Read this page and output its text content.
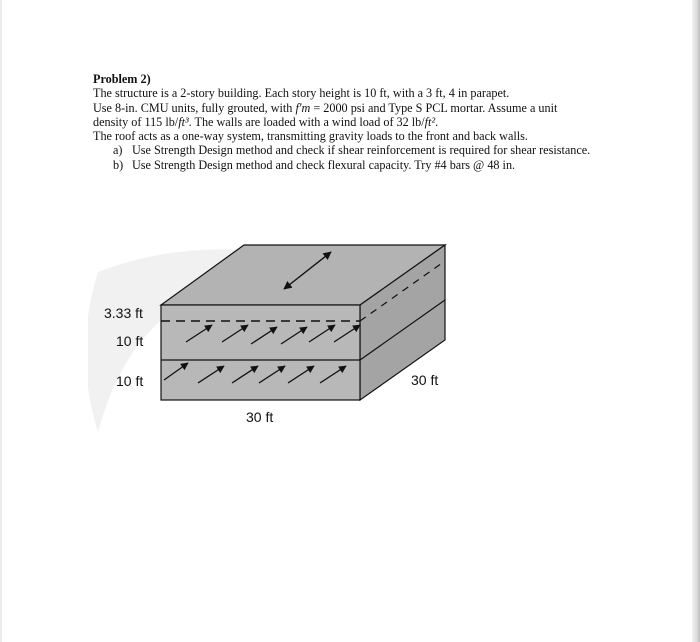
Problem 2)

The structure is a 2-story building. Each story height is 10 ft, with a 3 ft, 4 in parapet.

Use 8-in. CMU units, fully grouted, with f′m = 2000 psi and Type S PCL mortar. Assume a unit

density of 115 lb/ft³. The walls are loaded with a wind load of 32 lb/ft².

The roof acts as a one-way system, transmitting gravity loads to the front and back walls.

a) Use Strength Design method and check if shear reinforcement is required for shear resistance.

b) Use Strength Design method and check flexural capacity. Try #4 bars @ 48 in.

3.33 ft
10 ft
10 ft
30 ft
30 ft
